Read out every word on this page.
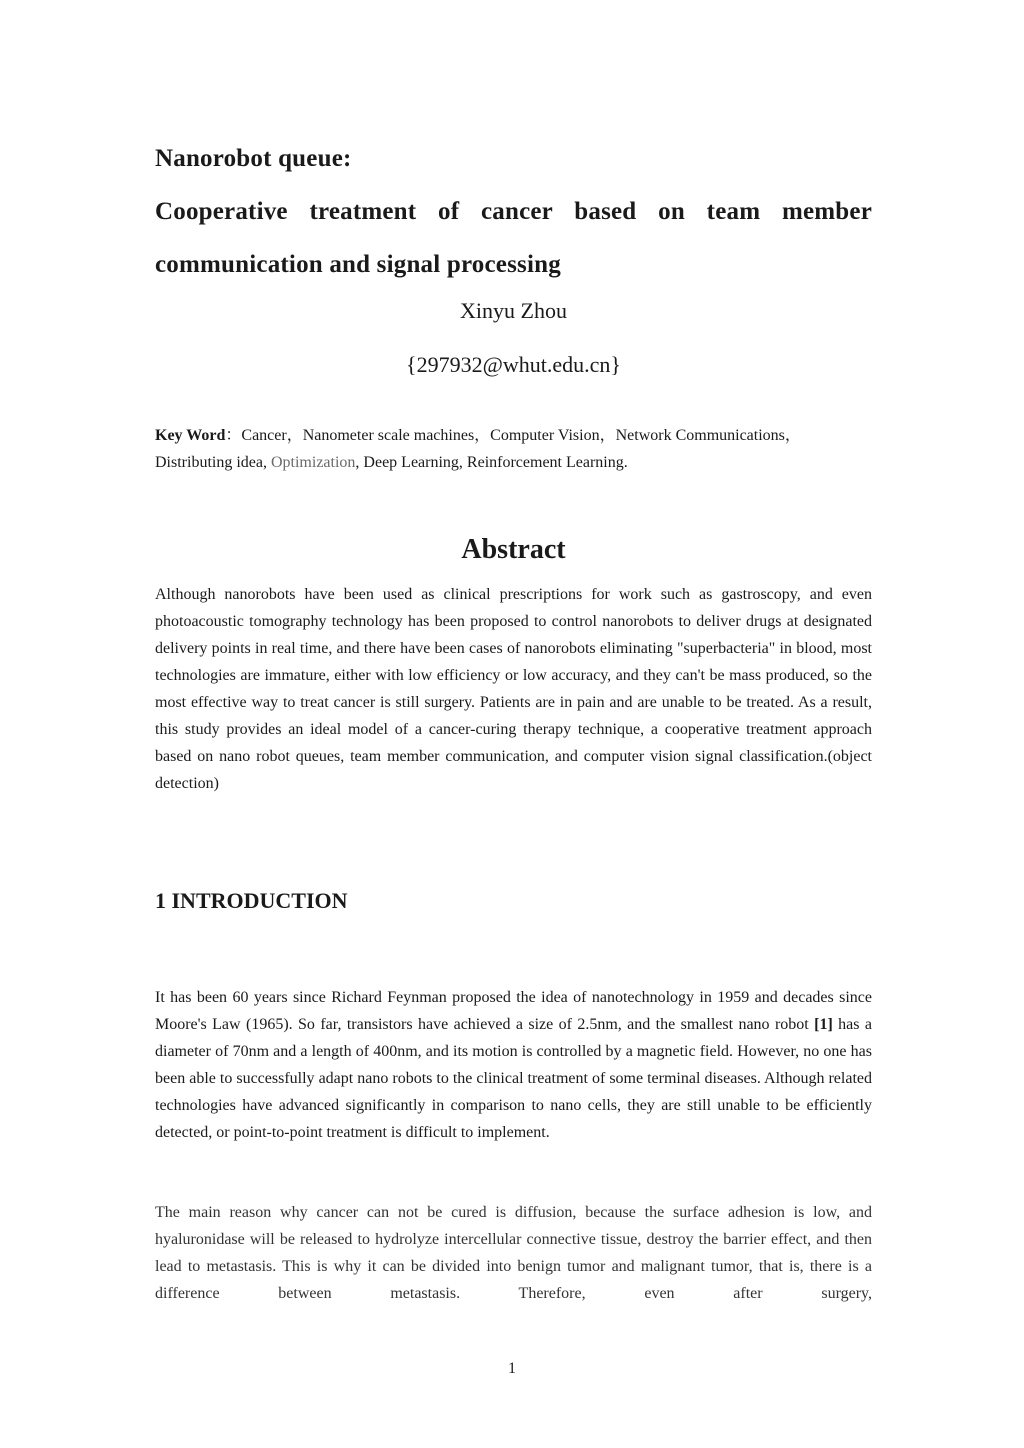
Nanorobot queue:

Cooperative treatment of cancer based on team member

communication and signal processing

Xinyu Zhou

{297932@whut.edu.cn}

Key Word：Cancer，Nanometer scale machines，Computer Vision，Network Communications，Distributing idea, Optimization, Deep Learning, Reinforcement Learning.

Abstract

Although nanorobots have been used as clinical prescriptions for work such as gastroscopy, and even photoacoustic tomography technology has been proposed to control nanorobots to deliver drugs at designated delivery points in real time, and there have been cases of nanorobots eliminating "superbacteria" in blood, most technologies are immature, either with low efficiency or low accuracy, and they can't be mass produced, so the most effective way to treat cancer is still surgery. Patients are in pain and are unable to be treated. As a result, this study provides an ideal model of a cancer-curing therapy technique, a cooperative treatment approach based on nano robot queues, team member communication, and computer vision signal classification.(object detection)

1 INTRODUCTION

It has been 60 years since Richard Feynman proposed the idea of nanotechnology in 1959 and decades since Moore's Law (1965). So far, transistors have achieved a size of 2.5nm, and the smallest nano robot [1] has a diameter of 70nm and a length of 400nm, and its motion is controlled by a magnetic field. However, no one has been able to successfully adapt nano robots to the clinical treatment of some terminal diseases. Although related technologies have advanced significantly in comparison to nano cells, they are still unable to be efficiently detected, or point-to-point treatment is difficult to implement.

The main reason why cancer can not be cured is diffusion, because the surface adhesion is low, and hyaluronidase will be released to hydrolyze intercellular connective tissue, destroy the barrier effect, and then lead to metastasis. This is why it can be divided into benign tumor and malignant tumor, that is, there is a difference between metastasis. Therefore, even after surgery,

1
